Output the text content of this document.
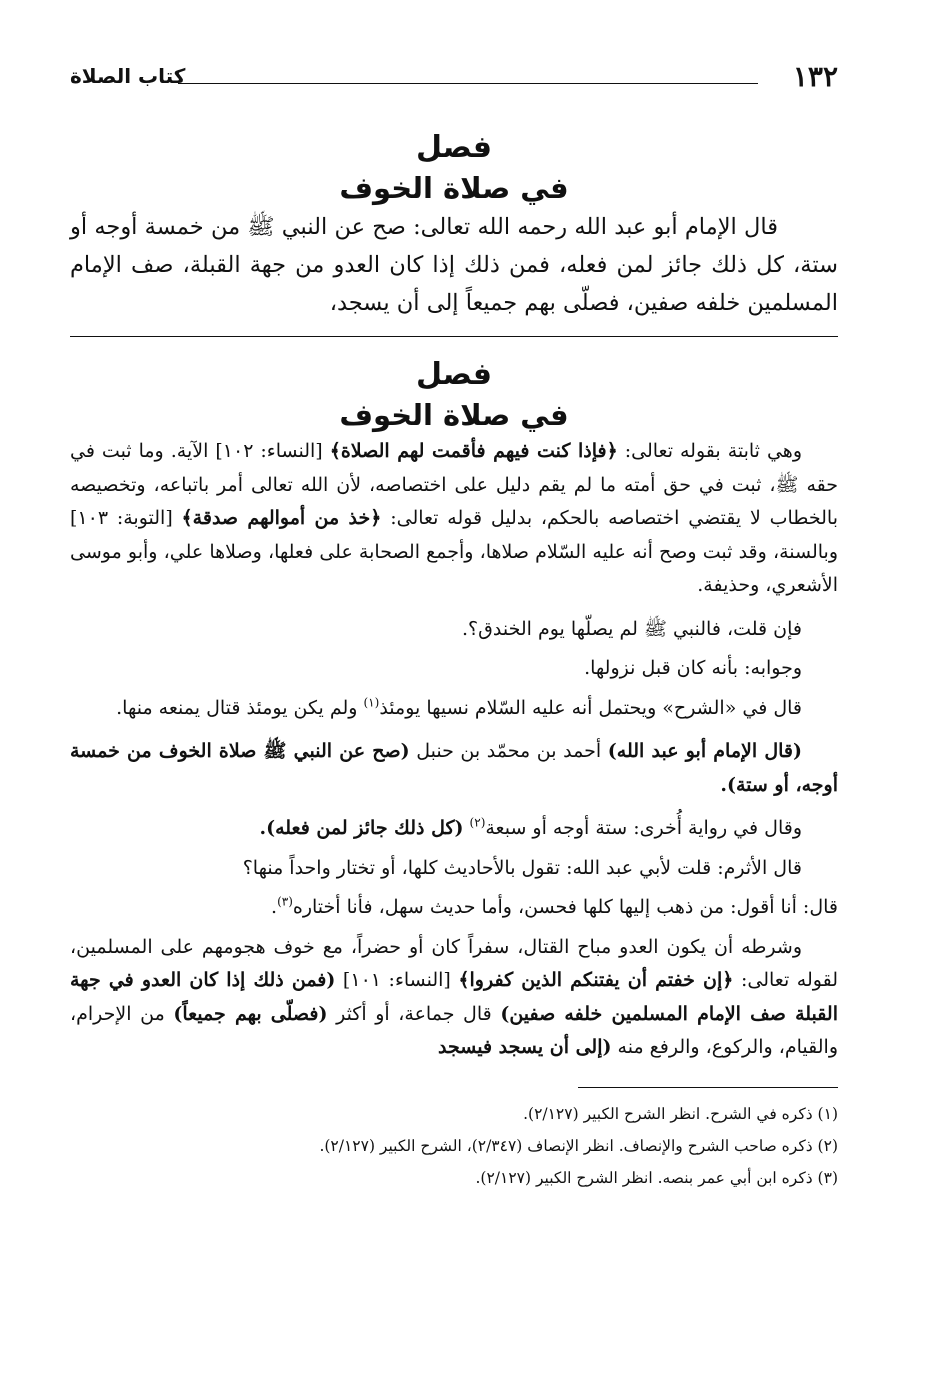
١٣٢
كتاب الصلاة
فصل
في صلاة الخوف

قال الإمام أبو عبد الله رحمه الله تعالى: صح عن النبي ﷺ من خمسة أوجه أو ستة، كل ذلك جائز لمن فعله، فمن ذلك إذا كان العدو من جهة القبلة، صف الإمام المسلمين خلفه صفين، فصلّى بهم جميعاً إلى أن يسجد،

فصل
في صلاة الخوف

وهي ثابتة بقوله تعالى: ﴿فإذا كنت فيهم فأقمت لهم الصلاة﴾ [النساء: ١٠٢] الآية. وما ثبت في حقه ﷺ، ثبت في حق أمته ما لم يقم دليل على اختصاصه، لأن الله تعالى أمر باتباعه، وتخصيصه بالخطاب لا يقتضي اختصاصه بالحكم، بدليل قوله تعالى: ﴿خذ من أموالهم صدقة﴾ [التوبة: ١٠٣] وبالسنة، وقد ثبت وصح أنه عليه السّلام صلاها، وأجمع الصحابة على فعلها، وصلاها علي، وأبو موسى الأشعري، وحذيفة.

فإن قلت، فالنبي ﷺ لم يصلّها يوم الخندق؟.

وجوابه: بأنه كان قبل نزولها.

قال في «الشرح» ويحتمل أنه عليه السّلام نسيها يومئذ$^{(١)}$ ولم يكن يومئذ قتال يمنعه منها.

(قال الإمام أبو عبد الله) أحمد بن محمّد بن حنبل (صح عن النبي ﷺ صلاة الخوف من خمسة أوجه، أو ستة).

وقال في رواية أُخرى: ستة أوجه أو سبعة$^{(٢)}$ (كل ذلك جائز لمن فعله).

قال الأثرم: قلت لأبي عبد الله: تقول بالأحاديث كلها، أو تختار واحداً منها؟

قال: أنا أقول: من ذهب إليها كلها فحسن، وأما حديث سهل، فأنا أختاره$^{(٣)}$.

وشرطه أن يكون العدو مباح القتال، سفراً كان أو حضراً، مع خوف هجومهم على المسلمين، لقوله تعالى: ﴿إن خفتم أن يفتنكم الذين كفروا﴾ [النساء: ١٠١] (فمن ذلك إذا كان العدو في جهة القبلة صف الإمام المسلمين خلفه صفين) قال جماعة، أو أكثر (فصلّى بهم جميعاً) من الإحرام، والقيام، والركوع، والرفع منه (إلى أن يسجد فيسجد

(١) ذكره في الشرح. انظر الشرح الكبير (٢/١٢٧).
(٢) ذكره صاحب الشرح والإنصاف. انظر الإنصاف (٢/٣٤٧)، الشرح الكبير (٢/١٢٧).
(٣) ذكره ابن أبي عمر بنصه. انظر الشرح الكبير (٢/١٢٧).
